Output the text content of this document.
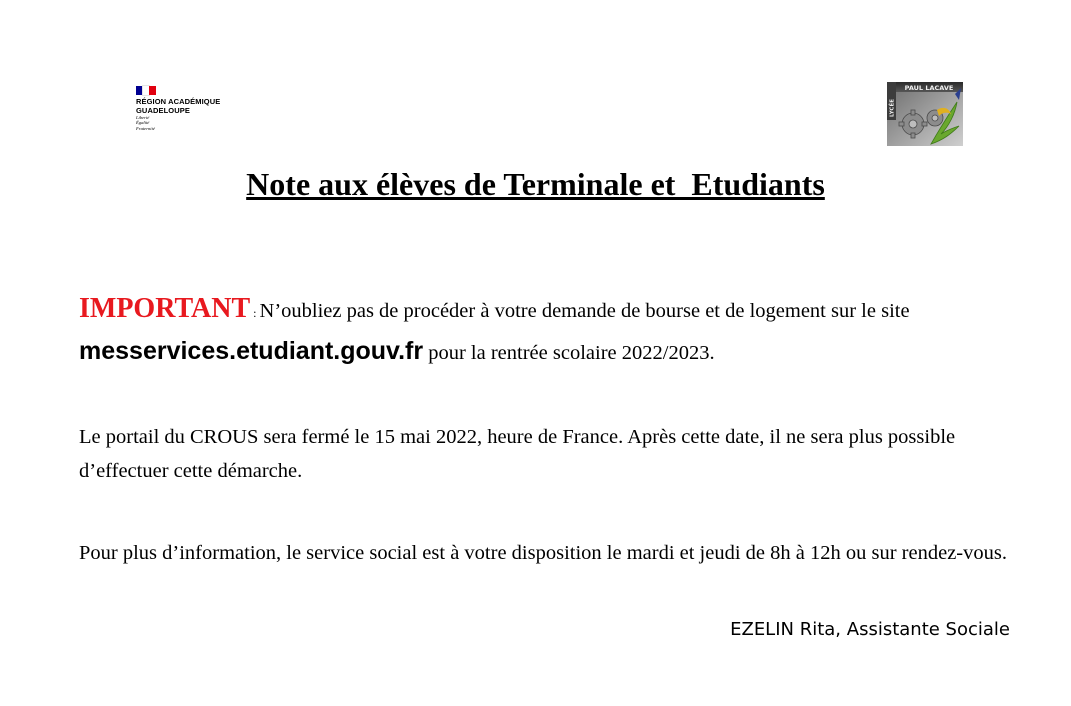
RÉGION ACADÉMIQUE
GUADELOUPE
Liberté
Égalité
Fraternité
PAUL LACAVE
LYCÉE
Note aux élèves de Terminale et  Etudiants
IMPORTANT : N’oubliez pas de procéder à votre demande de bourse et de logement sur le site messervices.etudiant.gouv.fr pour la rentrée scolaire 2022/2023.
Le portail du CROUS sera fermé le 15 mai 2022, heure de France. Après cette date, il ne sera plus possible d’effectuer cette démarche.
Pour plus d’information, le service social est à votre disposition le mardi et jeudi de 8h à 12h ou sur rendez-vous.
EZELIN Rita, Assistante Sociale
